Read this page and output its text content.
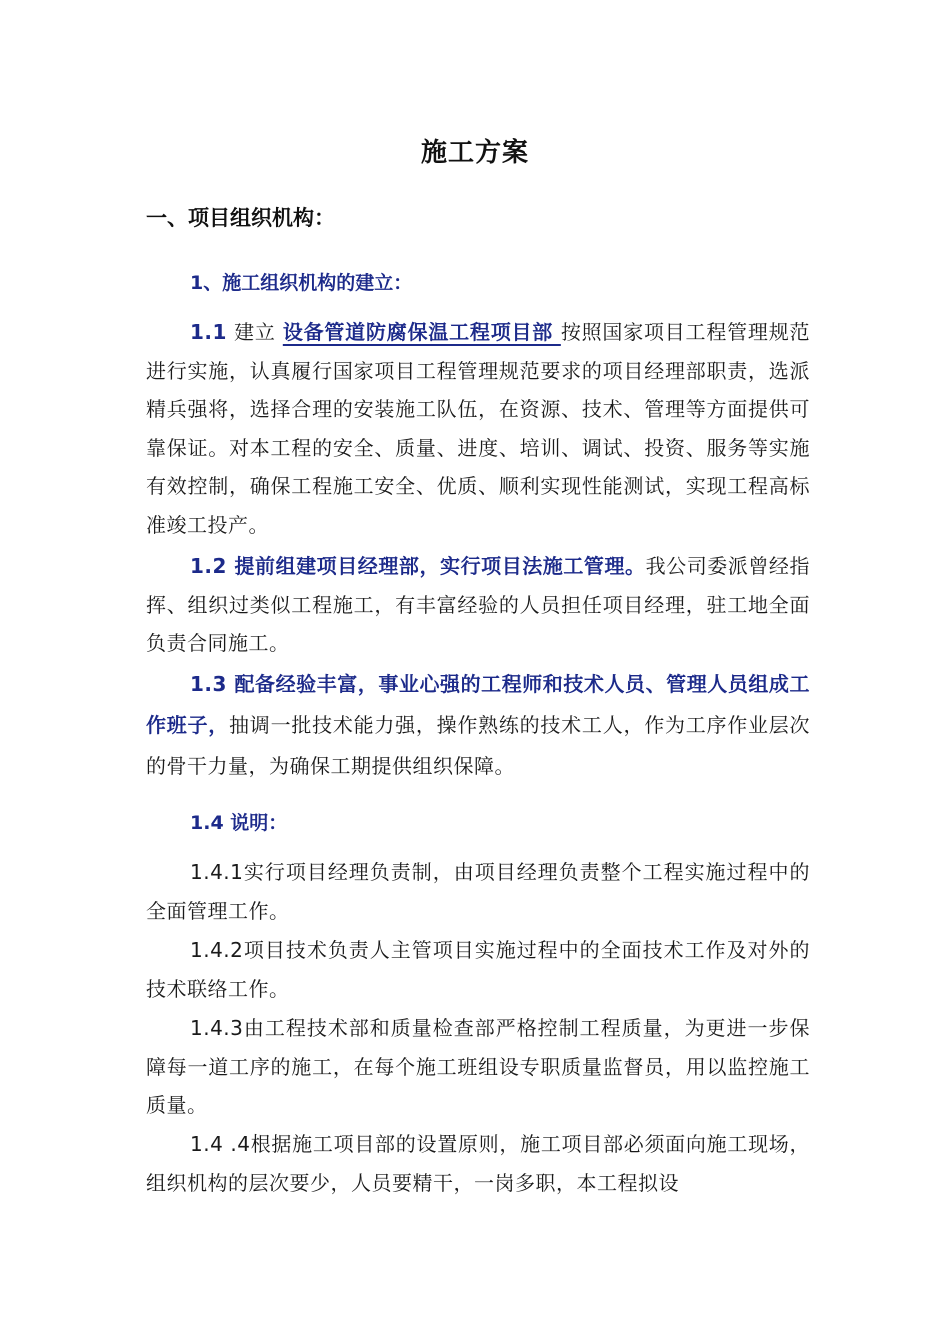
施工方案
一、项目组织机构：
1、施工组织机构的建立：
1.1 建立 设备管道防腐保温工程项目部 按照国家项目工程管理规范进行实施，认真履行国家项目工程管理规范要求的项目经理部职责，选派精兵强将，选择合理的安装施工队伍，在资源、技术、管理等方面提供可靠保证。对本工程的安全、质量、进度、培训、调试、投资、服务等实施有效控制，确保工程施工安全、优质、顺利实现性能测试，实现工程高标准竣工投产。
1.2 提前组建项目经理部，实行项目法施工管理。我公司委派曾经指挥、组织过类似工程施工，有丰富经验的人员担任项目经理，驻工地全面负责合同施工。
1.3 配备经验丰富，事业心强的工程师和技术人员、管理人员组成工作班子，抽调一批技术能力强，操作熟练的技术工人，作为工序作业层次的骨干力量，为确保工期提供组织保障。
1.4 说明：
1.4.1实行项目经理负责制，由项目经理负责整个工程实施过程中的全面管理工作。
1.4.2项目技术负责人主管项目实施过程中的全面技术工作及对外的技术联络工作。
1.4.3由工程技术部和质量检查部严格控制工程质量，为更进一步保障每一道工序的施工，在每个施工班组设专职质量监督员，用以监控施工质量。
1.4 .4根据施工项目部的设置原则，施工项目部必须面向施工现场，组织机构的层次要少，人员要精干，一岗多职，本工程拟设
